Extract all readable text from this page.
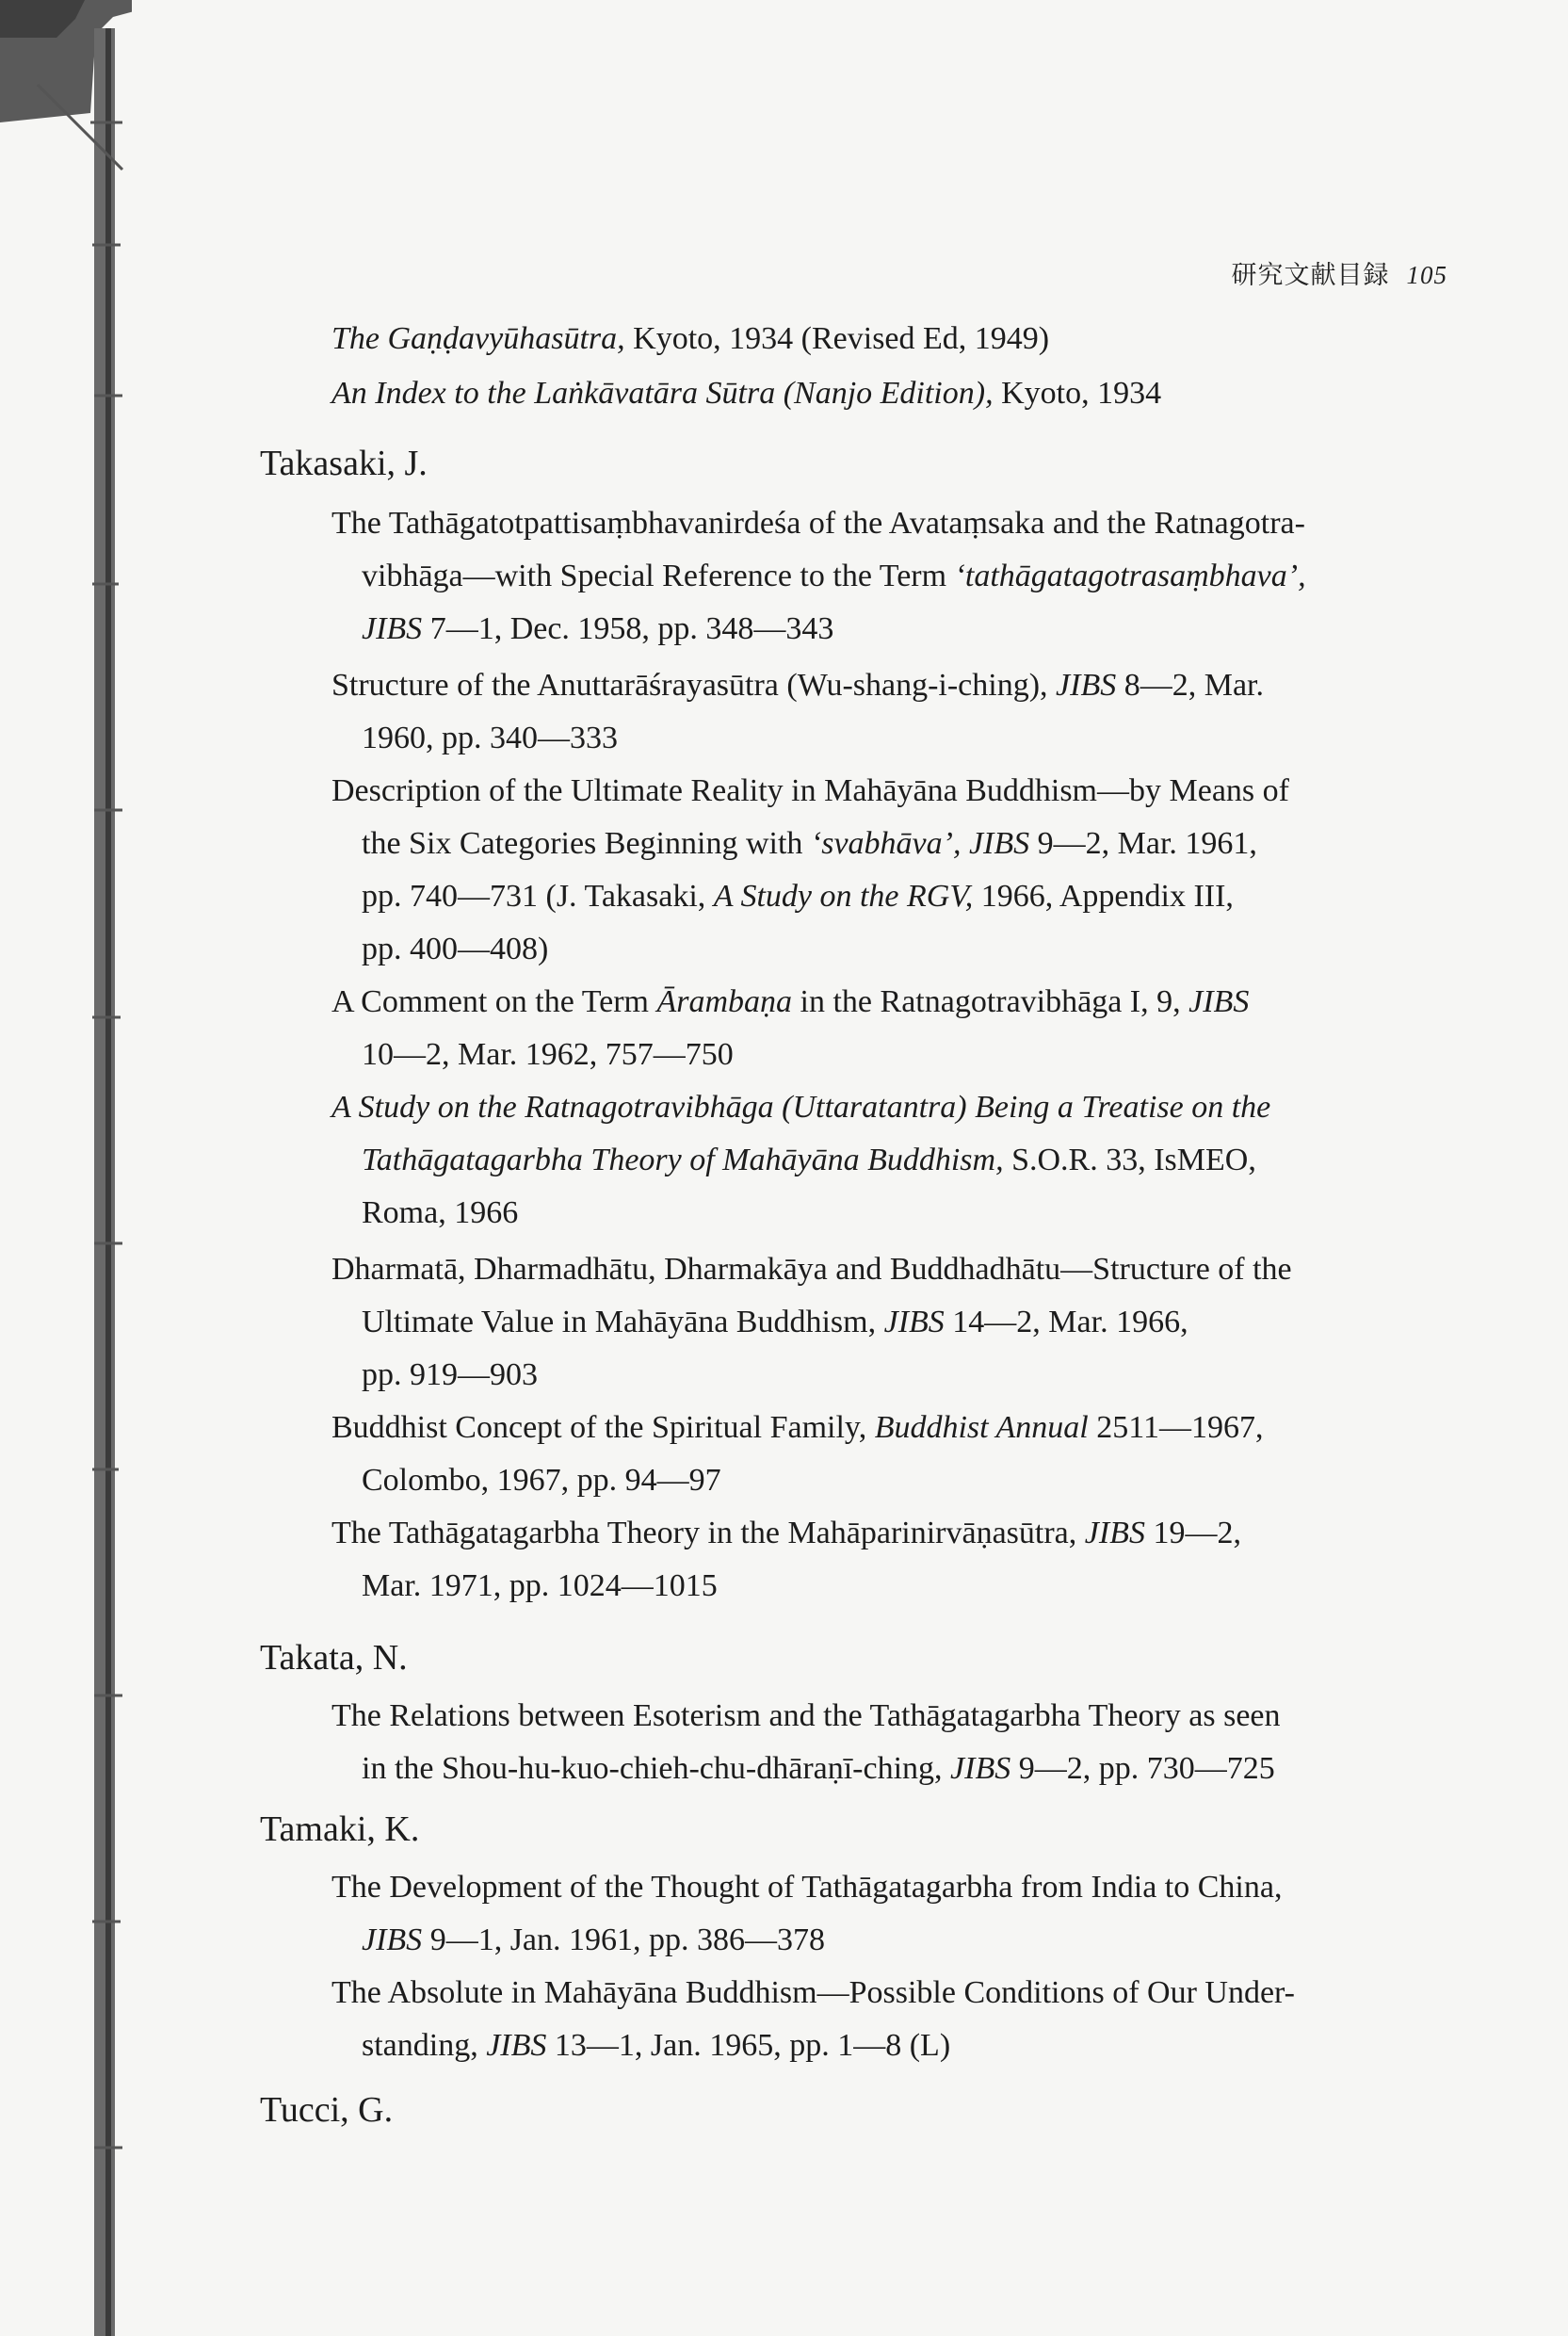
研究文献目録 105
The Gaṇḍavyūhasūtra, Kyoto, 1934 (Revised Ed, 1949)
An Index to the Laṅkāvatāra Sūtra (Nanjo Edition), Kyoto, 1934
Takasaki, J.
The Tathāgatotpattisaṃbhavanirdeśa of the Avataṃsaka and the Ratnagotra-
vibhāga—with Special Reference to the Term ‘tathāgatagotrasaṃbhava’,
JIBS 7—1, Dec. 1958, pp. 348—343
Structure of the Anuttarāśrayasūtra (Wu-shang-i-ching), JIBS 8—2, Mar.
1960, pp. 340—333
Description of the Ultimate Reality in Mahāyāna Buddhism—by Means of
the Six Categories Beginning with ‘svabhāva’, JIBS 9—2, Mar. 1961,
pp. 740—731 (J. Takasaki, A Study on the RGV, 1966, Appendix III,
pp. 400—408)
A Comment on the Term Ārambaṇa in the Ratnagotravibhāga I, 9, JIBS
10—2, Mar. 1962, 757—750
A Study on the Ratnagotravibhāga (Uttaratantra) Being a Treatise on the
Tathāgatagarbha Theory of Mahāyāna Buddhism, S.O.R. 33, IsMEO,
Roma, 1966
Dharmatā, Dharmadhātu, Dharmakāya and Buddhadhātu—Structure of the
Ultimate Value in Mahāyāna Buddhism, JIBS 14—2, Mar. 1966,
pp. 919—903
Buddhist Concept of the Spiritual Family, Buddhist Annual 2511—1967,
Colombo, 1967, pp. 94—97
The Tathāgatagarbha Theory in the Mahāparinirvāṇasūtra, JIBS 19—2,
Mar. 1971, pp. 1024—1015
Takata, N.
The Relations between Esoterism and the Tathāgatagarbha Theory as seen
in the Shou-hu-kuo-chieh-chu-dhāraṇī-ching, JIBS 9—2, pp. 730—725
Tamaki, K.
The Development of the Thought of Tathāgatagarbha from India to China,
JIBS 9—1, Jan. 1961, pp. 386—378
The Absolute in Mahāyāna Buddhism—Possible Conditions of Our Under-
standing, JIBS 13—1, Jan. 1965, pp. 1—8 (L)
Tucci, G.
